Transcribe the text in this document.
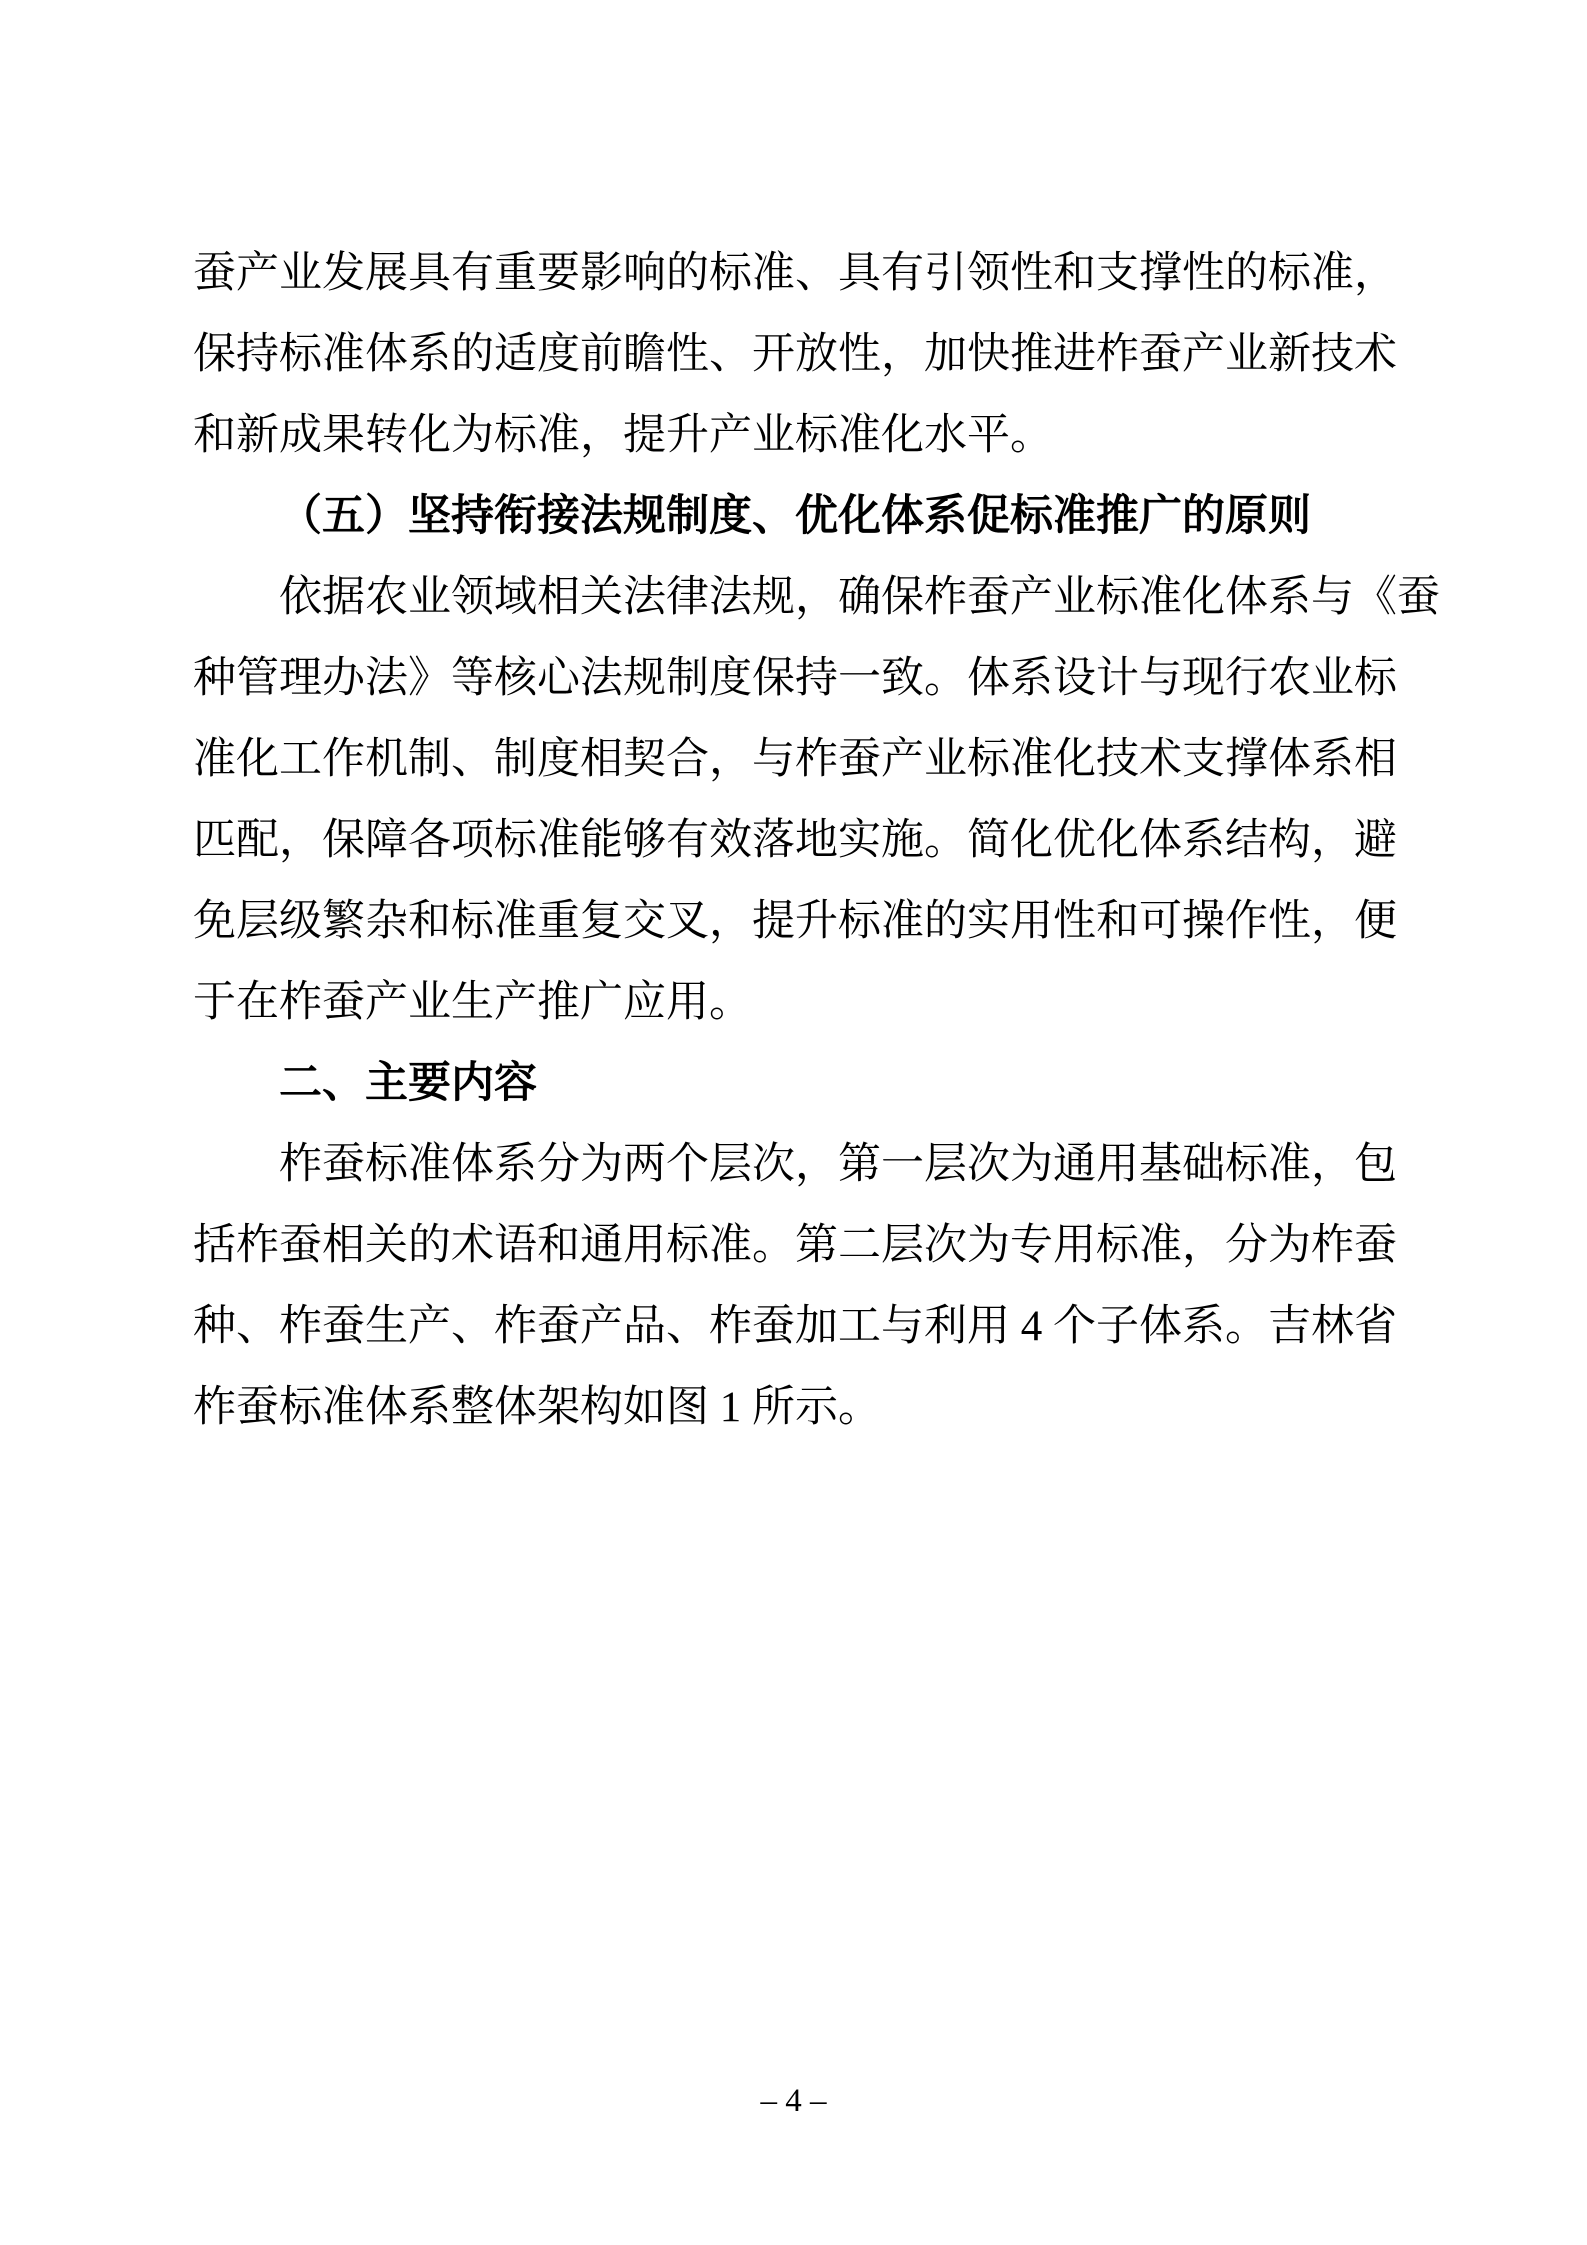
蚕产业发展具有重要影响的标准、具有引领性和支撑性的标准，
保持标准体系的适度前瞻性、开放性，加快推进柞蚕产业新技术
和新成果转化为标准，提升产业标准化水平。
（五）坚持衔接法规制度、优化体系促标准推广的原则
依据农业领域相关法律法规，确保柞蚕产业标准化体系与《蚕
种管理办法》等核心法规制度保持一致。体系设计与现行农业标
准化工作机制、制度相契合，与柞蚕产业标准化技术支撑体系相
匹配，保障各项标准能够有效落地实施。简化优化体系结构，避
免层级繁杂和标准重复交叉，提升标准的实用性和可操作性，便
于在柞蚕产业生产推广应用。
二、主要内容
柞蚕标准体系分为两个层次，第一层次为通用基础标准，包
括柞蚕相关的术语和通用标准。第二层次为专用标准，分为柞蚕
种、柞蚕生产、柞蚕产品、柞蚕加工与利用 4 个子体系。吉林省
柞蚕标准体系整体架构如图 1 所示。
– 4 –
